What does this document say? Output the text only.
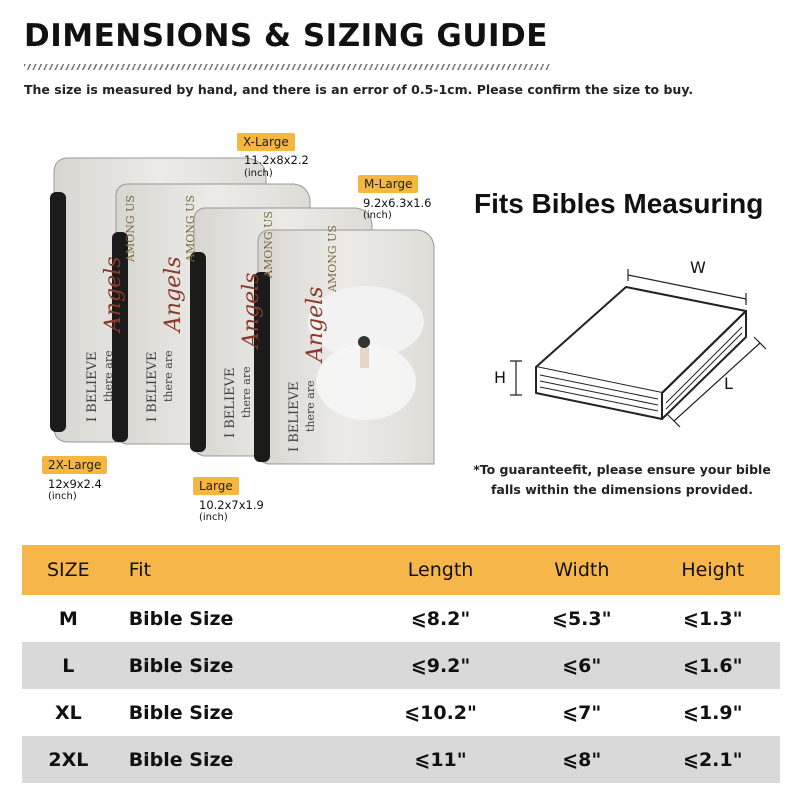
DIMENSIONS & SIZING GUIDE
The size is measured by hand, and there is an error of 0.5-1cm. Please confirm the size to buy.
I BELIEVE there are
Angels
AMONG US
I BELIEVE there are
Angels
AMONG US
I BELIEVE there are
Angels
AMONG US
I BELIEVE there are
Angels
AMONG US
X-Large
11.2x8x2.2
(inch)
M-Large
9.2x6.3x1.6
(inch)
2X-Large
12x9x2.4
(inch)
Large
10.2x7x1.9
(inch)
Fits Bibles Measuring
W
H	L
*To guaranteefit, please ensure your bible falls within the dimensions provided.
SIZE	Fit	Length	Width	Height
M	Bible Size	⩽8.2"	⩽5.3"	⩽1.3"
L	Bible Size	⩽9.2"	⩽6"	⩽1.6"
XL	Bible Size	⩽10.2"	⩽7"	⩽1.9"
2XL	Bible Size	⩽11"	⩽8"	⩽2.1"
